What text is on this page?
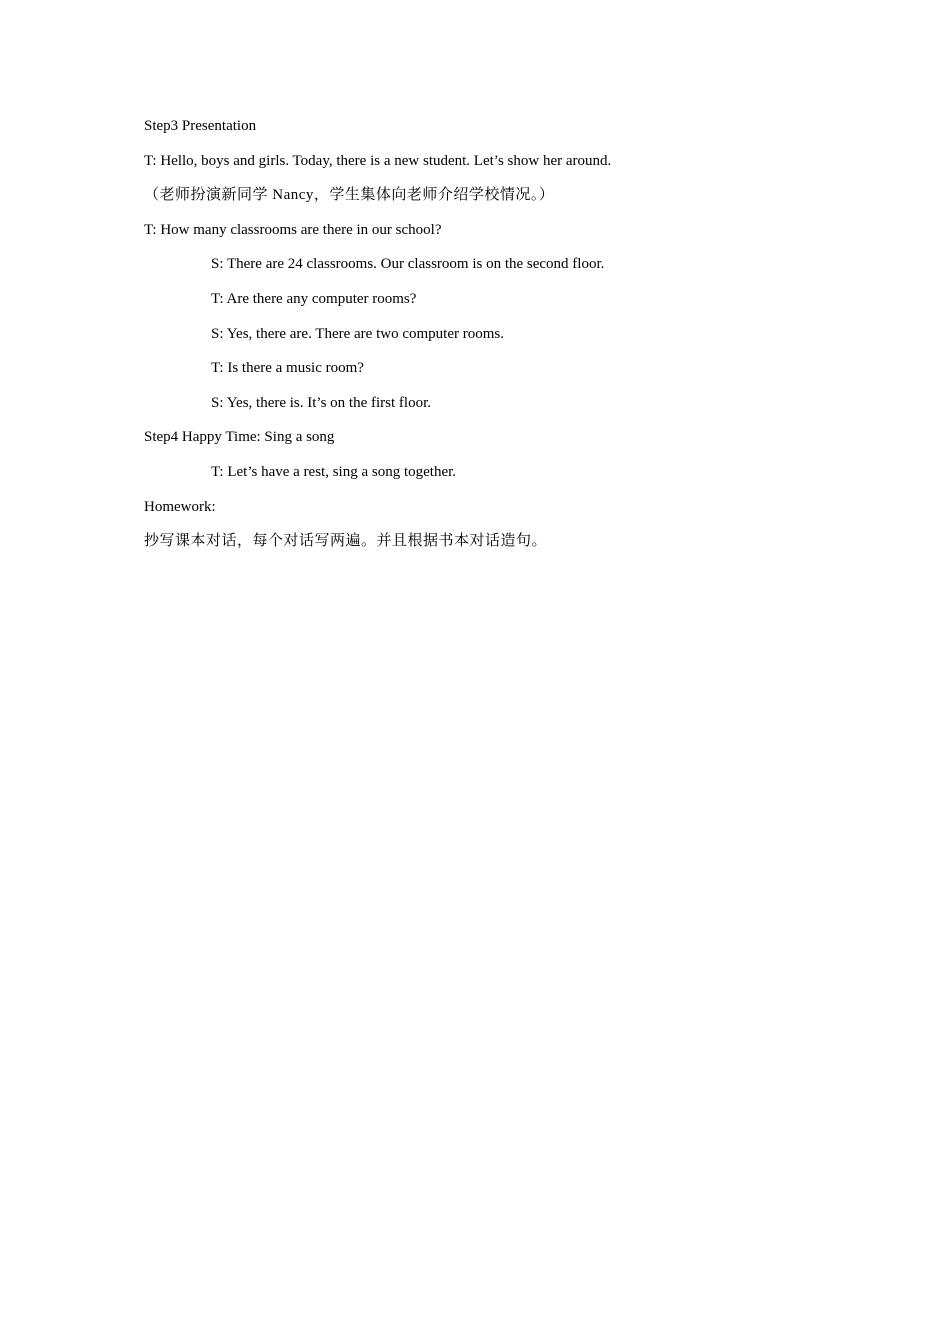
Step3 Presentation
T: Hello, boys and girls. Today, there is a new student. Let’s show her around.
（老师扮演新同学 Nancy，学生集体向老师介绍学校情况。）
T: How many classrooms are there in our school?
S: There are 24 classrooms. Our classroom is on the second floor.
T: Are there any computer rooms?
S: Yes, there are. There are two computer rooms.
T: Is there a music room?
S: Yes, there is. It’s on the first floor.
Step4 Happy Time: Sing a song
T: Let’s have a rest, sing a song together.
Homework:
抄写课本对话，每个对话写两遍。并且根据书本对话造句。
